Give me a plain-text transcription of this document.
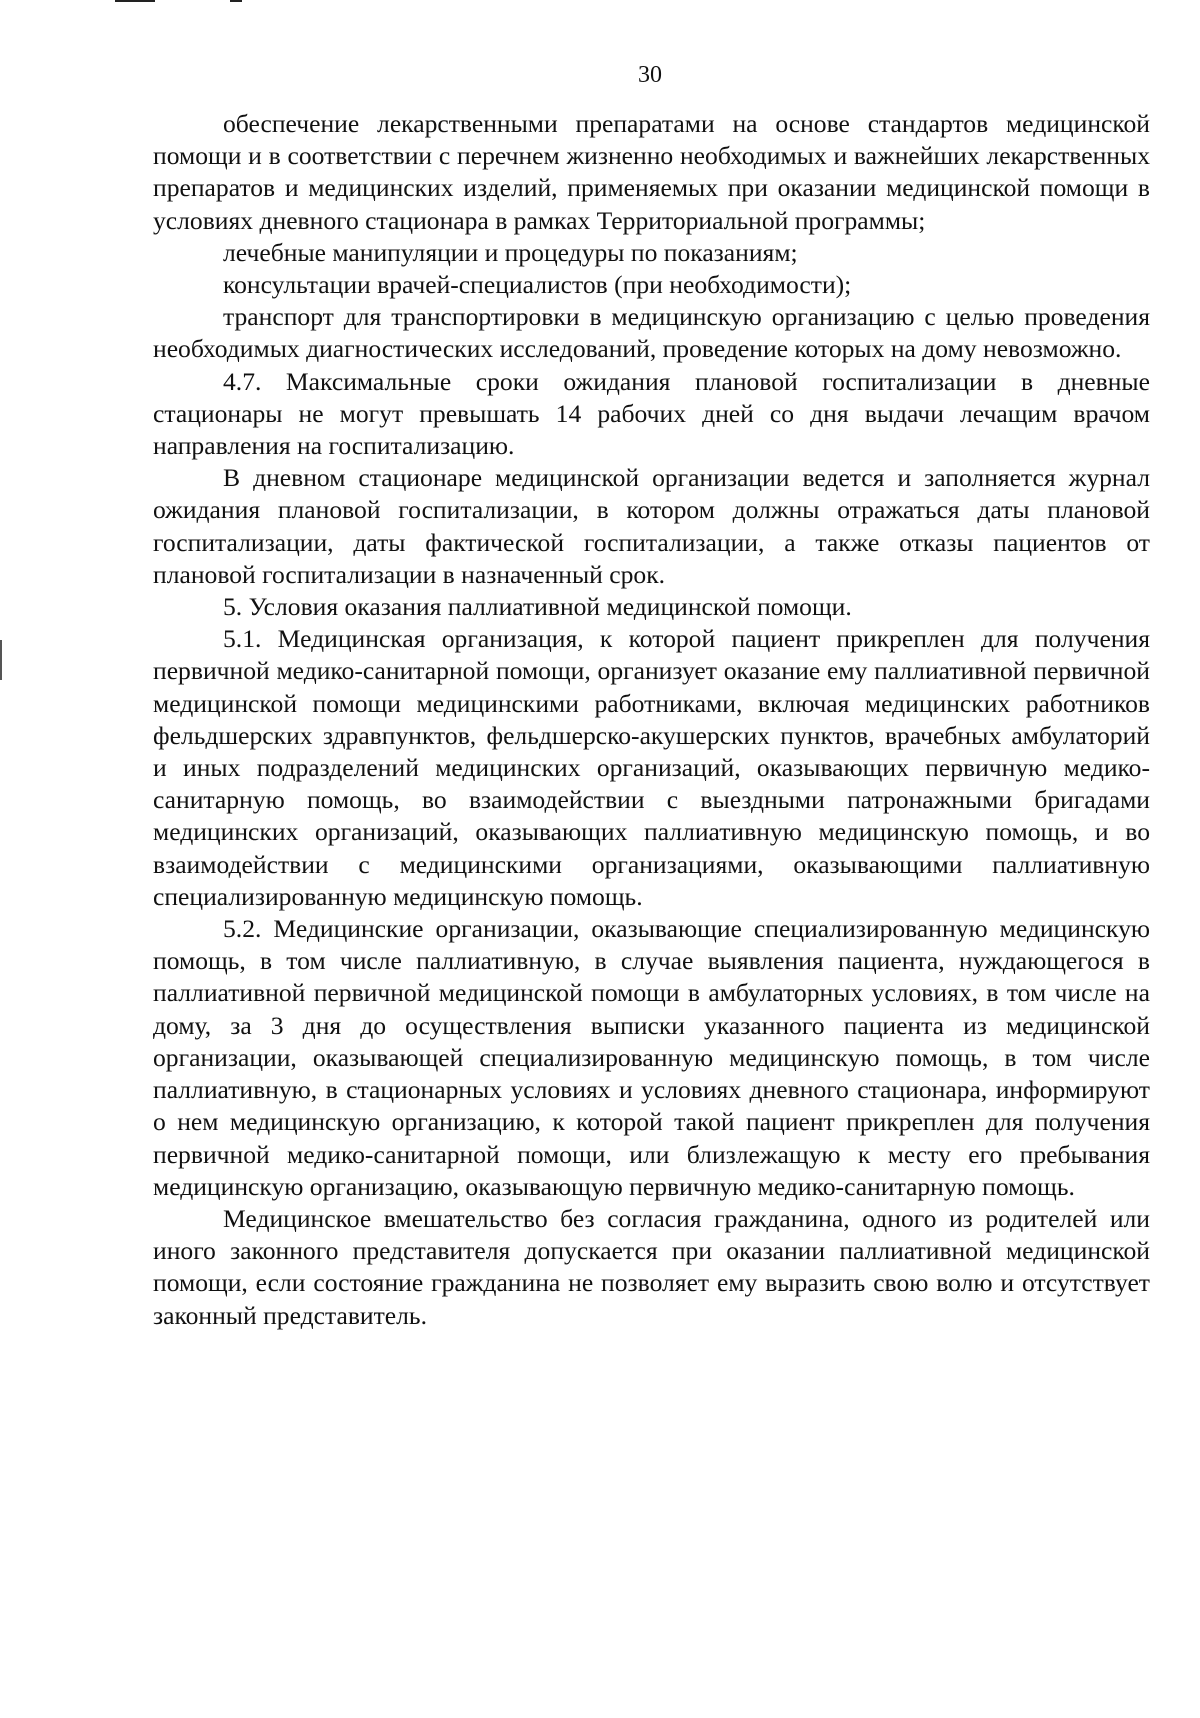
30

обеспечение лекарственными препаратами на основе стандартов медицинской помощи и в соответствии с перечнем жизненно необходимых и важнейших лекарственных препаратов и медицинских изделий, применяемых при оказании медицинской помощи в условиях дневного стационара в рамках Территориальной программы;

лечебные манипуляции и процедуры по показаниям;

консультации врачей-специалистов (при необходимости);

транспорт для транспортировки в медицинскую организацию с целью проведения необходимых диагностических исследований, проведение которых на дому невозможно.

4.7. Максимальные сроки ожидания плановой госпитализации в дневные стационары не могут превышать 14 рабочих дней со дня выдачи лечащим врачом направления на госпитализацию.

В дневном стационаре медицинской организации ведется и заполняется журнал ожидания плановой госпитализации, в котором должны отражаться даты плановой госпитализации, даты фактической госпитализации, а также отказы пациентов от плановой госпитализации в назначенный срок.

5. Условия оказания паллиативной медицинской помощи.

5.1. Медицинская организация, к которой пациент прикреплен для получения первичной медико-санитарной помощи, организует оказание ему паллиативной первичной медицинской помощи медицинскими работниками, включая медицинских работников фельдшерских здравпунктов, фельдшерско-акушерских пунктов, врачебных амбулаторий и иных подразделений медицинских организаций, оказывающих первичную медико-санитарную помощь, во взаимодействии с выездными патронажными бригадами медицинских организаций, оказывающих паллиативную медицинскую помощь, и во взаимодействии с медицинскими организациями, оказывающими паллиативную специализированную медицинскую помощь.

5.2. Медицинские организации, оказывающие специализированную медицинскую помощь, в том числе паллиативную, в случае выявления пациента, нуждающегося в паллиативной первичной медицинской помощи в амбулаторных условиях, в том числе на дому, за 3 дня до осуществления выписки указанного пациента из медицинской организации, оказывающей специализированную медицинскую помощь, в том числе паллиативную, в стационарных условиях и условиях дневного стационара, информируют о нем медицинскую организацию, к которой такой пациент прикреплен для получения первичной медико-санитарной помощи, или близлежащую к месту его пребывания медицинскую организацию, оказывающую первичную медико-санитарную помощь.

Медицинское вмешательство без согласия гражданина, одного из родителей или иного законного представителя допускается при оказании паллиативной медицинской помощи, если состояние гражданина не позволяет ему выразить свою волю и отсутствует законный представитель.
